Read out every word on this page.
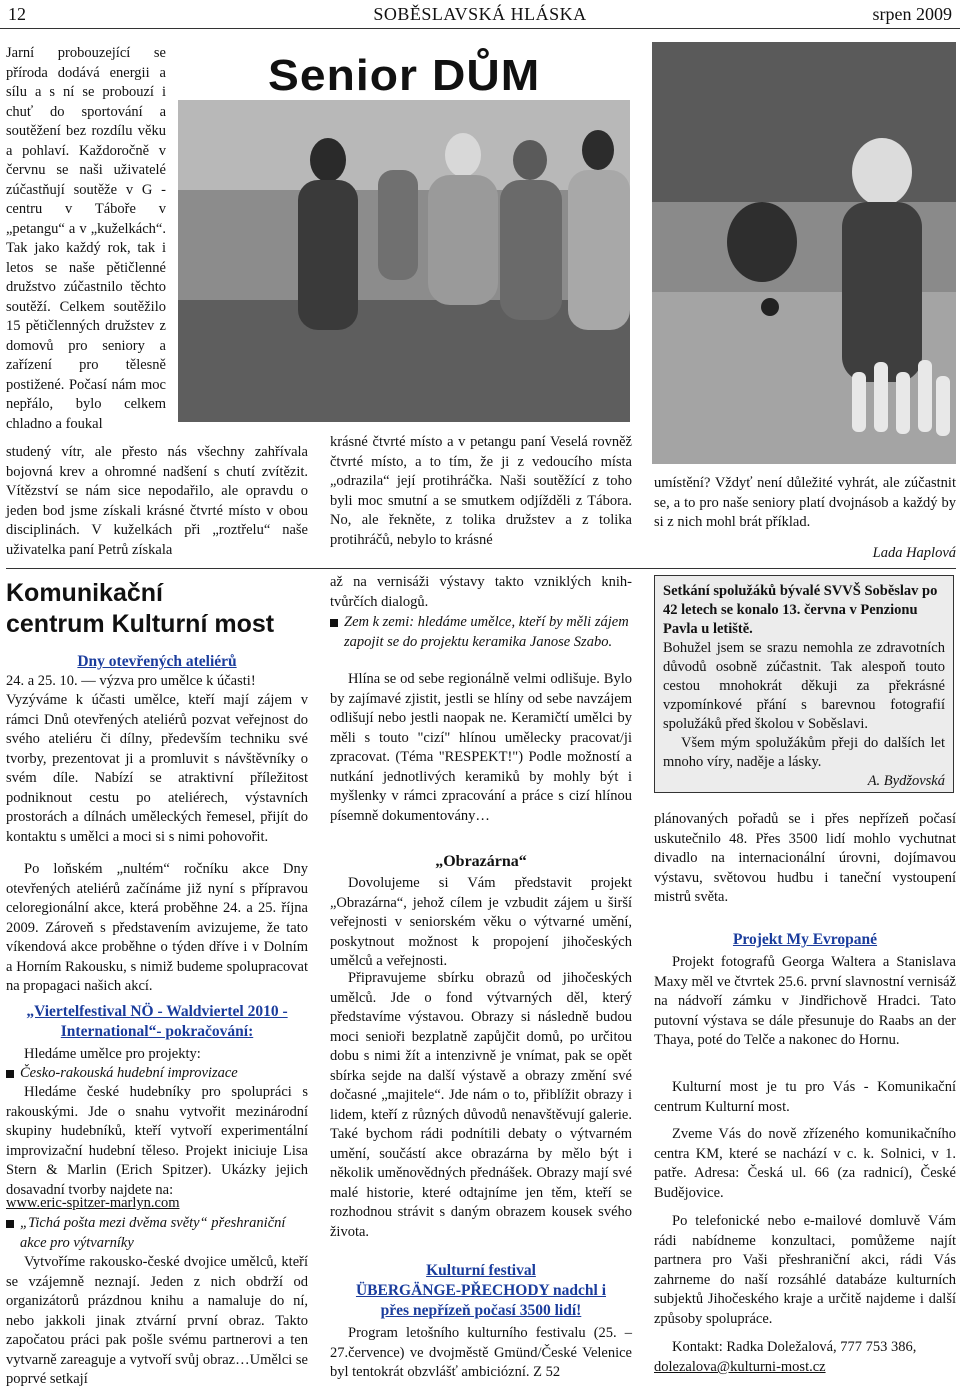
12	SOBĚSLAVSKÁ HLÁSKA	srpen 2009
Senior DŮM

Jarní probouzející se příroda dodává energii a sílu a s ní se probouzí i chuť do sportování a soutěžení bez rozdílu věku a pohlaví. Každoročně v červnu se naši uživatelé zúčastňují soutěže v G -centru v Táboře v „petangu“ a v „kuželkách“. Tak jako každý rok, tak i letos se naše pětičlenné družstvo zúčastnilo těchto soutěží. Celkem soutěžilo 15 pětičlenných družstev z domovů pro seniory a zařízení pro tělesně postižené. Počasí nám moc nepřálo, bylo celkem chladno a foukal

studený vítr, ale přesto nás všechny zahřívala bojovná krev a ohromné nadšení s chutí zvítězit. Vítězství se nám sice nepodařilo, ale opravdu o jeden bod jsme získali krásné čtvrté místo v obou disciplinách. V kuželkách při „roztřelu“ naše uživatelka paní Petrů získala

krásné čtvrté místo a v petangu paní Veselá rovněž čtvrté místo, a to tím, že ji z vedoucího místa „odrazila“ její protihráčka. Naši soutěžící z toho byli moc smutní a se smutkem odjížděli z Tábora. No, ale řekněte, z tolika družstev a z tolika protihráčů, nebylo to krásné

umístění? Vždyť není důležité vyhrát, ale zúčastnit se, a to pro naše seniory platí dvojnásob a každý by si z nich mohl brát příklad.

Lada Haplová

Komunikační
centrum Kulturní most

Dny otevřených ateliérů

24. a 25. 10. — výzva pro umělce k účasti!

Vyzýváme k účasti umělce, kteří mají zájem v rámci Dnů otevřených ateliérů pozvat veřejnost do svého ateliéru či dílny, především techniku své tvorby, prezentovat ji a promluvit s návštěvníky o svém díle. Nabízí se atraktivní příležitost podniknout cestu po ateliérech, výstavních prostorách a dílnách uměleckých řemesel, přijít do kontaktu s umělci a moci si s nimi pohovořit.

Po loňském „nultém“ ročníku akce Dny otevřených ateliérů začínáme již nyní s přípravou celoregionální akce, která proběhne 24. a 25. října 2009. Zároveň s představením avizujeme, že tato víkendová akce proběhne o týden dříve i v Dolním a Horním Rakousku, s nimiž budeme spolupracovat na propagaci našich akcí.

„Viertelfestival NÖ - Waldviertel 2010 - International“- pokračování:

Hledáme umělce pro projekty:

Česko-rakouská hudební improvizace

Hledáme české hudebníky pro spolupráci s rakouskými. Jde o snahu vytvořit mezinárodní skupiny hudebníků, kteří vytvoří experimentální improvizační hudební těleso. Projekt iniciuje Lisa Stern & Marlin (Erich Spitzer). Ukázky jejich dosavadní tvorby najdete na:

www.eric-spitzer-marlyn.com
„Tichá pošta mezi dvěma světy“ přeshraniční akce pro výtvarníky

Vytvoříme rakousko-české dvojice umělců, kteří se vzájemně neznají. Jeden z nich obdrží od organizátorů prázdnou knihu a namaluje do ní, nebo jakkoli jinak ztvární první obraz. Takto započatou práci pak pošle svému partnerovi a ten vytvarně zareaguje a vytvoří svůj obraz…Umělci se poprvé setkají

až na vernisáži výstavy takto vzniklých knih-tvůrčích dialogů.

Zem k zemi: hledáme umělce, kteří by měli zájem zapojit se do projektu keramika Janose Szabo.

Hlína se od sebe regionálně velmi odlišuje. Bylo by zajímavé zjistit, jestli se hlíny od sebe navzájem odlišují nebo jestli naopak ne. Keramičtí umělci by měli s touto "cizí" hlínou umělecky pracovat/ji zpracovat. (Téma "RESPEKT!") Podle možností a nutkání jednotlivých keramiků by mohly být i myšlenky v rámci zpracování a práce s cizí hlínou písemně dokumentovány…

„Obrazárna“

Dovolujeme si Vám představit projekt „Obrazárna“, jehož cílem je vzbudit zájem u širší veřejnosti v seniorském věku o výtvarné umění, poskytnout možnost k propojení jihočeských umělců a veřejnosti.

Připravujeme sbírku obrazů od jihočeských umělců. Jde o fond výtvarných děl, který představíme výstavou. Obrazy si následně budou moci senioři bezplatně zapůjčit domů, po určitou dobu s nimi žít a intenzivně je vnímat, pak se opět sbírka sejde na další výstavě a obrazy změní své dočasné „majitele“. Jde nám o to, přiblížit obrazy i lidem, kteří z různých důvodů nenavštěvují galerie. Také bychom rádi podnítili debaty o výtvarném umění, součástí akce obrazárna by mělo být i několik uměnovědných přednášek. Obrazy mají své malé historie, které odtajníme jen těm, kteří se rozhodnou strávit s daným obrazem kousek svého života.

Kulturní festival
ÜBERGÄNGE-PŘECHODY nadchl i
přes nepřízeň počasí 3500 lidí!

Program letošního kulturního festivalu (25. – 27.července) ve dvojměstě Gmünd/České Velenice byl tentokrát obzvlášť ambiciózní. Z 52

Setkání spolužáků bývalé SVVŠ Soběslav po 42 letech se konalo 13. června v Penzionu Pavla u letiště.

Bohužel jsem se srazu nemohla ze zdravotních důvodů osobně zúčastnit. Tak alespoň touto cestou mnohokrát děkuji za překrásné vzpomínkové přání s barevnou fotografií spolužáků před školou v Soběslavi.

Všem mým spolužákům přeji do dalších let mnoho víry, naděje a lásky.

A. Bydžovská

plánovaných pořadů se i přes nepřízeň počasí uskutečnilo 48. Přes 3500 lidí mohlo vychutnat divadlo na internacionální úrovni, dojímavou výstavu, světovou hudbu i taneční vystoupení mistrů světa.

Projekt My Evropané

Projekt fotografů Georga Waltera a Stanislava Maxy měl ve čtvrtek 25.6. první slavnostní vernisáž na nádvoří zámku v Jindřichově Hradci. Tato putovní výstava se dále přesunuje do Raabs an der Thaya, poté do Telče a nakonec do Hornu.

Kulturní most je tu pro Vás - Komunikační centrum Kulturní most.

Zveme Vás do nově zřízeného komunikačního centra KM, které se nachází v c. k. Solnici, v 1. patře. Adresa: Česká ul. 66 (za radnicí), České Budějovice.

Po telefonické nebo e-mailové domluvě Vám rádi nabídneme konzultaci, pomůžeme najít partnera pro Vaši přeshraniční akci, rádi Vás zahrneme do naší rozsáhlé databáze kulturních subjektů Jihočeského kraje a určitě najdeme i další způsoby spolupráce.

Kontakt: Radka Doležalová, 777 753 386,

dolezalova@kulturni-most.cz
